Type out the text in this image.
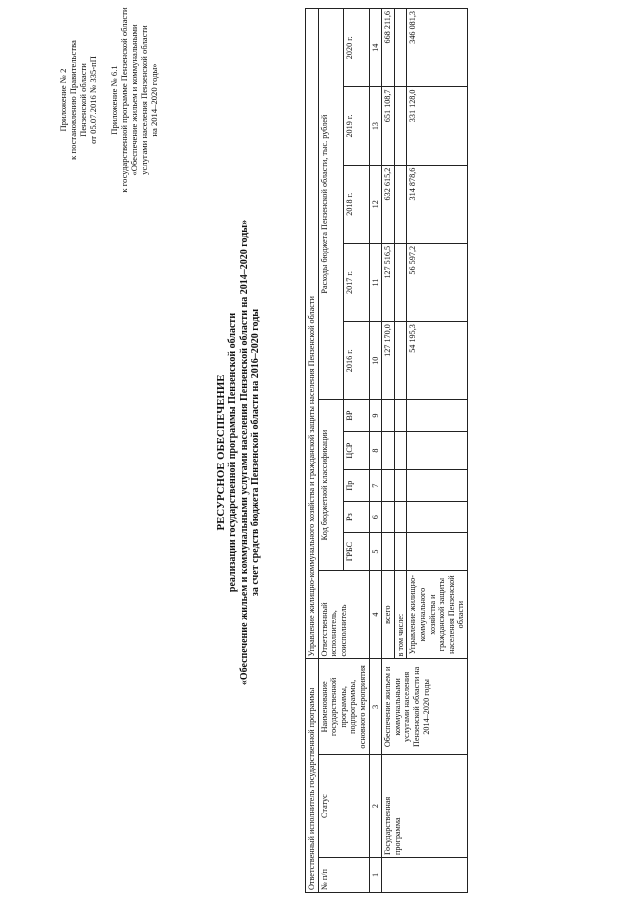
Приложение № 2 к постановлению Правительства Пензенской области от 05.07.2016 № 335-пП Приложение № 6.1 к государственной программе Пензенской области «Обеспечение жильем и коммунальными услугами населения Пензенской области на 2014–2020 годы»

РЕСУРСНОЕ ОБЕСПЕЧЕНИЕ реализации государственной программы Пензенской области «Обеспечение жильем и коммунальными услугами населения Пензенской области на 2014–2020 годы» за счет средств бюджета Пензенской области на 2016–2020 годы
Ответственный исполнитель государственной программы			Управление жилищно-коммунального хозяйства и гражданской защиты населения Пензенской области										
№ п/п	Статус	Наименование государственной программы, подпрограммы, основного мероприятия	Ответственный исполнитель, соисполнитель	Код бюджетной классификации					Расходы бюджета Пензенской области, тыс. рублей				
				ГРБС	Рз	Пр	ЦСР	ВР	2016 г.	2017 г.	2018 г.	2019 г.	2020 г.
1	2	3	4	5	6	7	8	9	10	11	12	13	14
	Государственная программа	Обеспечение жильем и коммунальными услугами населения Пензенской области на 2014–2020 годы	всего						127 170,0	127 516,5	632 615,2	651 108,7	668 211,6
			в том числе:										
			Управление жилищно-коммунального хозяйства и гражданской защиты населения Пензенской области						54 195,3	56 597,2	314 878,6	331 128,0	346 081,3
